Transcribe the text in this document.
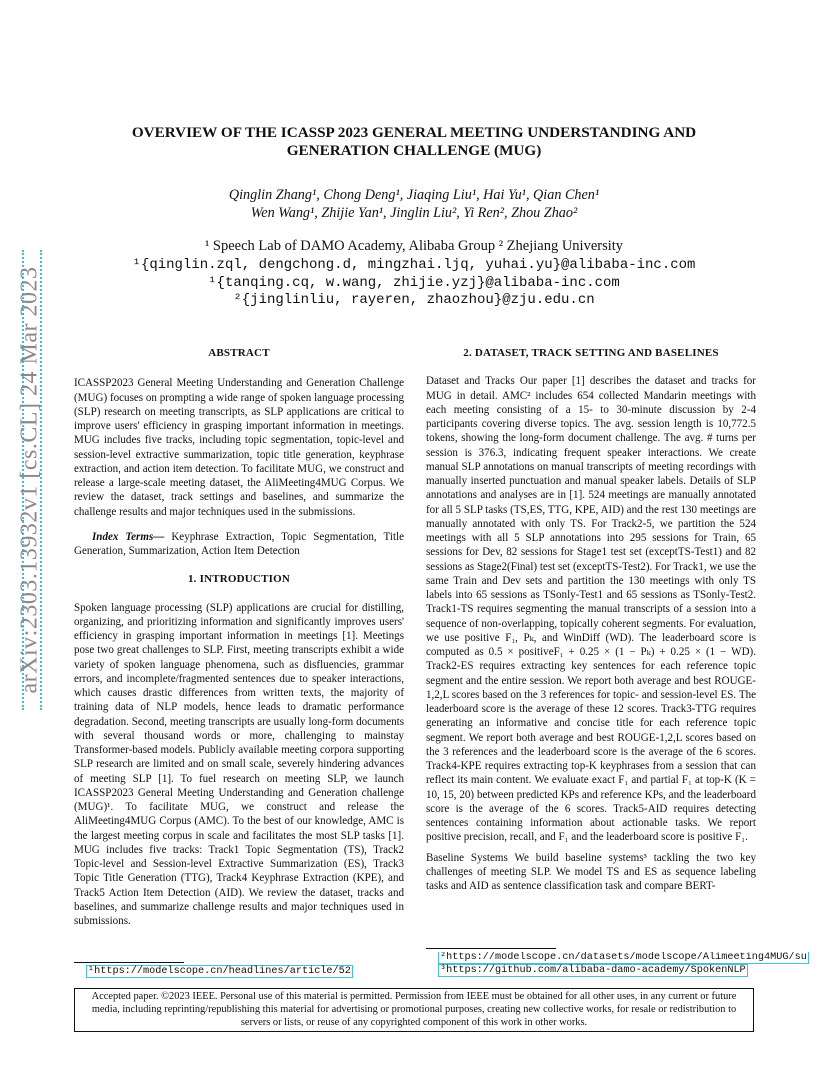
arXiv:2303.13932v1 [cs.CL] 24 Mar 2023
OVERVIEW OF THE ICASSP 2023 GENERAL MEETING UNDERSTANDING AND GENERATION CHALLENGE (MUG)
Qinglin Zhang¹, Chong Deng¹, Jiaqing Liu¹, Hai Yu¹, Qian Chen¹
Wen Wang¹, Zhijie Yan¹, Jinglin Liu², Yi Ren², Zhou Zhao²
¹ Speech Lab of DAMO Academy, Alibaba Group ² Zhejiang University
¹{qinglin.zql, dengchong.d, mingzhai.ljq, yuhai.yu}@alibaba-inc.com
¹{tanqing.cq, w.wang, zhijie.yzj}@alibaba-inc.com
²{jinglinliu, rayeren, zhaozhou}@zju.edu.cn
ABSTRACT

ICASSP2023 General Meeting Understanding and Generation Challenge (MUG) focuses on prompting a wide range of spoken language processing (SLP) research on meeting transcripts, as SLP applications are critical to improve users' efficiency in grasping important information in meetings. MUG includes five tracks, including topic segmentation, topic-level and session-level extractive summarization, topic title generation, keyphrase extraction, and action item detection. To facilitate MUG, we construct and release a large-scale meeting dataset, the AliMeeting4MUG Corpus. We review the dataset, track settings and baselines, and summarize the challenge results and major techniques used in the submissions.

Index Terms— Keyphrase Extraction, Topic Segmentation, Title Generation, Summarization, Action Item Detection

1. INTRODUCTION

Spoken language processing (SLP) applications are crucial for distilling, organizing, and prioritizing information and significantly improves users' efficiency in grasping important information in meetings [1]. Meetings pose two great challenges to SLP. First, meeting transcripts exhibit a wide variety of spoken language phenomena, such as disfluencies, grammar errors, and incomplete/fragmented sentences due to speaker interactions, which causes drastic differences from written texts, the majority of training data of NLP models, hence leads to dramatic performance degradation. Second, meeting transcripts are usually long-form documents with several thousand words or more, challenging to mainstay Transformer-based models. Publicly available meeting corpora supporting SLP research are limited and on small scale, severely hindering advances of meeting SLP [1]. To fuel research on meeting SLP, we launch ICASSP2023 General Meeting Understanding and Generation challenge (MUG)¹. To facilitate MUG, we construct and release the AliMeeting4MUG Corpus (AMC). To the best of our knowledge, AMC is the largest meeting corpus in scale and facilitates the most SLP tasks [1]. MUG includes five tracks: Track1 Topic Segmentation (TS), Track2 Topic-level and Session-level Extractive Summarization (ES), Track3 Topic Title Generation (TTG), Track4 Keyphrase Extraction (KPE), and Track5 Action Item Detection (AID). We review the dataset, tracks and baselines, and summarize challenge results and major techniques used in submissions.

2. DATASET, TRACK SETTING AND BASELINES

Dataset and Tracks Our paper [1] describes the dataset and tracks for MUG in detail. AMC² includes 654 collected Mandarin meetings with each meeting consisting of a 15- to 30-minute discussion by 2-4 participants covering diverse topics. The avg. session length is 10,772.5 tokens, showing the long-form document challenge. The avg. # turns per session is 376.3, indicating frequent speaker interactions. We create manual SLP annotations on manual transcripts of meeting recordings with manually inserted punctuation and manual speaker labels. Details of SLP annotations and analyses are in [1]. 524 meetings are manually annotated for all 5 SLP tasks (TS,ES, TTG, KPE, AID) and the rest 130 meetings are manually annotated with only TS. For Track2-5, we partition the 524 meetings with all 5 SLP annotations into 295 sessions for Train, 65 sessions for Dev, 82 sessions for Stage1 test set (exceptTS-Test1) and 82 sessions as Stage2(Final) test set (exceptTS-Test2). For Track1, we use the same Train and Dev sets and partition the 130 meetings with only TS labels into 65 sessions as TSonly-Test1 and 65 sessions as TSonly-Test2. Track1-TS requires segmenting the manual transcripts of a session into a sequence of non-overlapping, topically coherent segments. For evaluation, we use positive F₁, Pₖ, and WinDiff (WD). The leaderboard score is computed as 0.5 × positiveF₁ + 0.25 × (1 − Pₖ) + 0.25 × (1 − WD). Track2-ES requires extracting key sentences for each reference topic segment and the entire session. We report both average and best ROUGE-1,2,L scores based on the 3 references for topic- and session-level ES. The leaderboard score is the average of these 12 scores. Track3-TTG requires generating an informative and concise title for each reference topic segment. We report both average and best ROUGE-1,2,L scores based on the 3 references and the leaderboard score is the average of the 6 scores. Track4-KPE requires extracting top-K keyphrases from a session that can reflect its main content. We evaluate exact F₁ and partial F₁ at top-K (K = 10, 15, 20) between predicted KPs and reference KPs, and the leaderboard score is the average of the 6 scores. Track5-AID requires detecting sentences containing information about actionable tasks. We report positive precision, recall, and F₁ and the leaderboard score is positive F₁.

Baseline Systems We build baseline systems³ tackling the two key challenges of meeting SLP. We model TS and ES as sequence labeling tasks and AID as sentence classification task and compare BERT-

¹https://modelscope.cn/headlines/article/52
²https://modelscope.cn/datasets/modelscope/Alimeeting4MUG/su
³https://github.com/alibaba-damo-academy/SpokenNLP
Accepted paper. ©2023 IEEE. Personal use of this material is permitted. Permission from IEEE must be obtained for all other uses, in any current or future media, including reprinting/republishing this material for advertising or promotional purposes, creating new collective works, for resale or redistribution to servers or lists, or reuse of any copyrighted component of this work in other works.
